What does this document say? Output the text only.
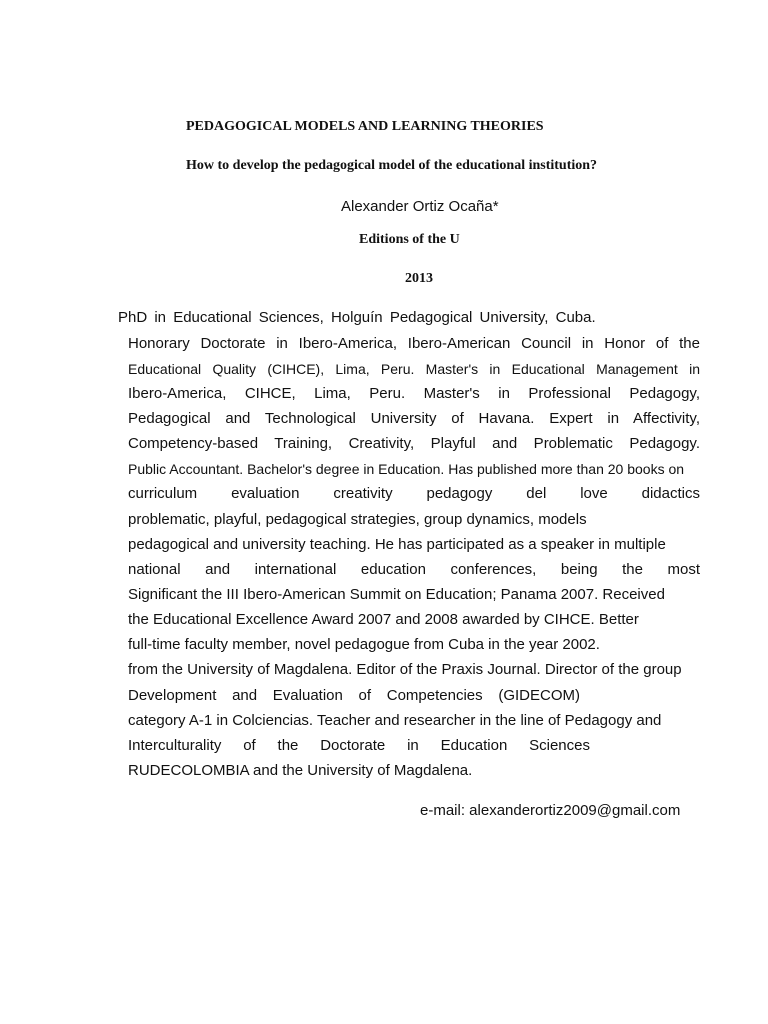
PEDAGOGICAL MODELS AND LEARNING THEORIES
How to develop the pedagogical model of the educational institution?
Alexander Ortiz Ocaña*
Editions of the U
2013
PhD in Educational Sciences, Holguín Pedagogical University, Cuba.
Honorary Doctorate in Ibero-America, Ibero-American Council in Honor of the
Educational Quality (CIHCE), Lima, Peru. Master's in Educational Management in
Ibero-America, CIHCE, Lima, Peru. Master's in Professional Pedagogy,
Pedagogical and Technological University of Havana. Expert in Affectivity,
Competency-based Training, Creativity, Playful and Problematic Pedagogy.
Public Accountant. Bachelor's degree in Education. Has published more than 20 books on
curriculum evaluation creativity pedagogy del love didactics
problematic, playful, pedagogical strategies, group dynamics, models
pedagogical and university teaching. He has participated as a speaker in multiple
national and international education conferences, being the most
Significant the III Ibero-American Summit on Education; Panama 2007. Received
the Educational Excellence Award 2007 and 2008 awarded by CIHCE. Better
full-time faculty member, novel pedagogue from Cuba in the year 2002.
from the University of Magdalena. Editor of the Praxis Journal. Director of the group
Development and Evaluation of Competencies (GIDECOM)
category A-1 in Colciencias. Teacher and researcher in the line of Pedagogy and
Interculturality of the Doctorate in Education Sciences
RUDECOLOMBIA and the University of Magdalena.
e-mail: alexanderortiz2009@gmail.com
